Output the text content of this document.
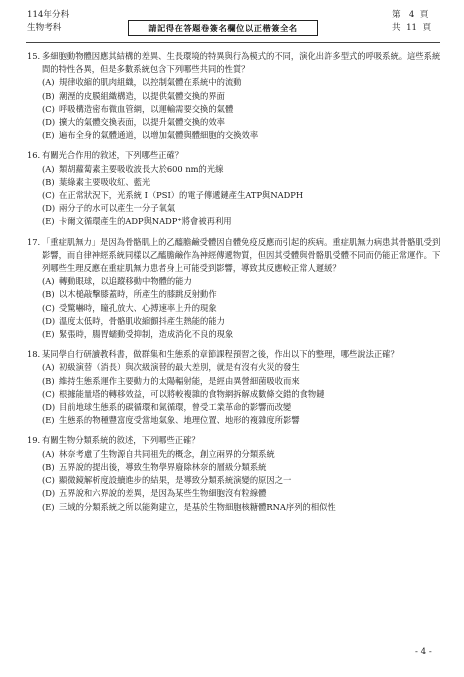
114年分科
生物考科	請記得在答題卷簽名欄位以正楷簽全名
第 4 頁
共 11 頁
15. 多細胞動物體因應其結構的差異、生長環境的特異與行為模式的不同，演化出許多型式的呼吸系統。這些系統間的特性各異，但是多數系統包含下列哪些共同的性質？
(A) 規律收縮的肌肉組織，以控制氣體在系統中的流動
(B) 潮溼的皮膜組織構造，以提供氣體交換的界面
(C) 呼吸構造密布微血管網，以運輸需要交換的氣體
(D) 擴大的氣體交換表面，以提升氣體交換的效率
(E) 遍布全身的氣體通道，以增加氣體與體細胞的交換效率
16. 有關光合作用的敘述，下列哪些正確？
(A) 類胡蘿蔔素主要吸收波長大於600 nm的光線
(B) 葉綠素主要吸收紅、藍光
(C) 在正常狀況下，光系統 I（PSI）的電子傳遞鏈產生ATP與NADPH
(D) 兩分子的水可以產生一分子氧氣
(E) 卡爾文循環產生的ADP與NADP⁺將會被再利用
17. 「重症肌無力」是因為骨骼肌上的乙醯膽鹼受體因自體免疫反應而引起的疾病。重症肌無力病患其骨骼肌受到影響，而自律神經系統同樣以乙醯膽鹼作為神經傳遞物質，但因其受體與骨骼肌受體不同而仍能正常運作。下列哪些生理反應在重症肌無力患者身上可能受到影響，導致其反應較正常人遲緩？
(A) 轉動眼球，以追蹤移動中物體的能力
(B) 以木槌敲擊膝蓋時，所產生的膝跳反射動作
(C) 受驚嚇時，瞳孔放大、心搏速率上升的現象
(D) 溫度太低時，骨骼肌收縮顫抖產生熱能的能力
(E) 緊張時，腸胃蠕動受抑制，造成消化不良的現象
18. 某同學自行研讀教科書，做群集和生態系的章節課程預習之後，作出以下的整理，哪些說法正確？
(A) 初級演替（消長）與次級演替的最大差別，就是有沒有火災的發生
(B) 維持生態系運作主要動力的太陽輻射能，是經由異營細菌吸收而來
(C) 根據能量塔的轉移效益，可以將較複雜的食物網拆解成數條交錯的食物鏈
(D) 目前地球生態系的碳循環和氮循環，曾受工業革命的影響而改變
(E) 生態系的物種豐富度受當地氣象、地理位置、地形的複雜度所影響
19. 有關生物分類系統的敘述，下列哪些正確？
(A) 林奈考慮了生物源自共同祖先的概念，創立兩界的分類系統
(B) 五界說的提出後，導致生物學界廢除林奈的層級分類系統
(C) 顯微鏡解析度設續進步的結果，是導致分類系統演變的原因之一
(D) 五界說和六界說的差異，是因為某些生物細胞沒有粒線體
(E) 三域的分類系統之所以能夠建立，是基於生物細胞核糖體RNA序列的相似性
- 4 -
